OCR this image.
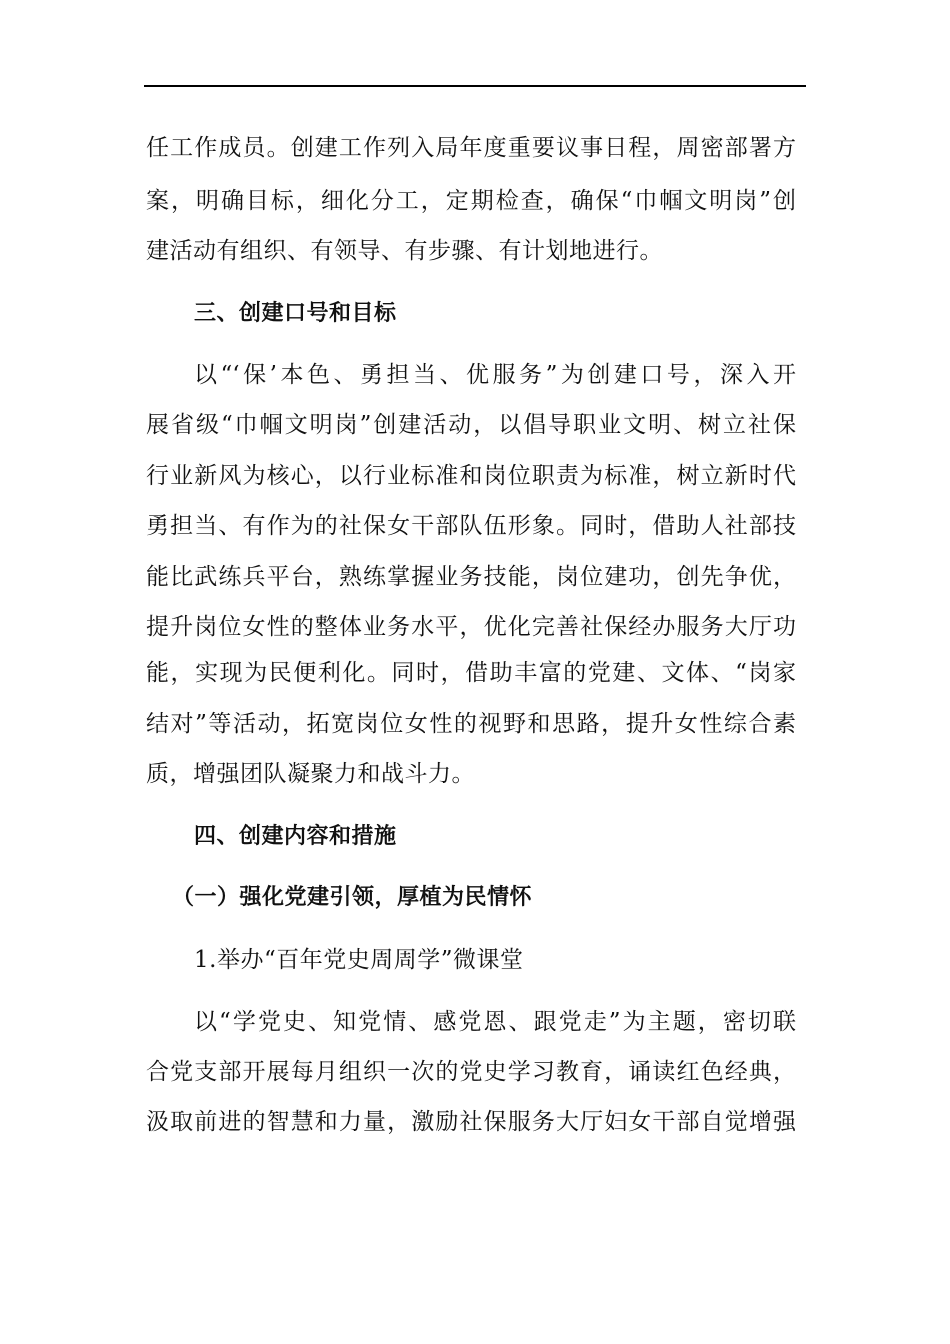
任工作成员。创建工作列入局年度重要议事日程，周密部署方
案，明确目标，细化分工，定期检查，确保“巾帼文明岗”创
建活动有组织、有领导、有步骤、有计划地进行。
三、创建口号和目标
以“‘保’本色、勇担当、优服务”为创建口号，深入开
展省级“巾帼文明岗”创建活动，以倡导职业文明、树立社保
行业新风为核心，以行业标准和岗位职责为标准，树立新时代
勇担当、有作为的社保女干部队伍形象。同时，借助人社部技
能比武练兵平台，熟练掌握业务技能，岗位建功，创先争优，
提升岗位女性的整体业务水平，优化完善社保经办服务大厅功
能，实现为民便利化。同时，借助丰富的党建、文体、“岗家
结对”等活动，拓宽岗位女性的视野和思路，提升女性综合素
质，增强团队凝聚力和战斗力。
四、创建内容和措施
（一）强化党建引领，厚植为民情怀
1.举办“百年党史周周学”微课堂
以“学党史、知党情、感党恩、跟党走”为主题，密切联
合党支部开展每月组织一次的党史学习教育，诵读红色经典，
汲取前进的智慧和力量，激励社保服务大厅妇女干部自觉增强
